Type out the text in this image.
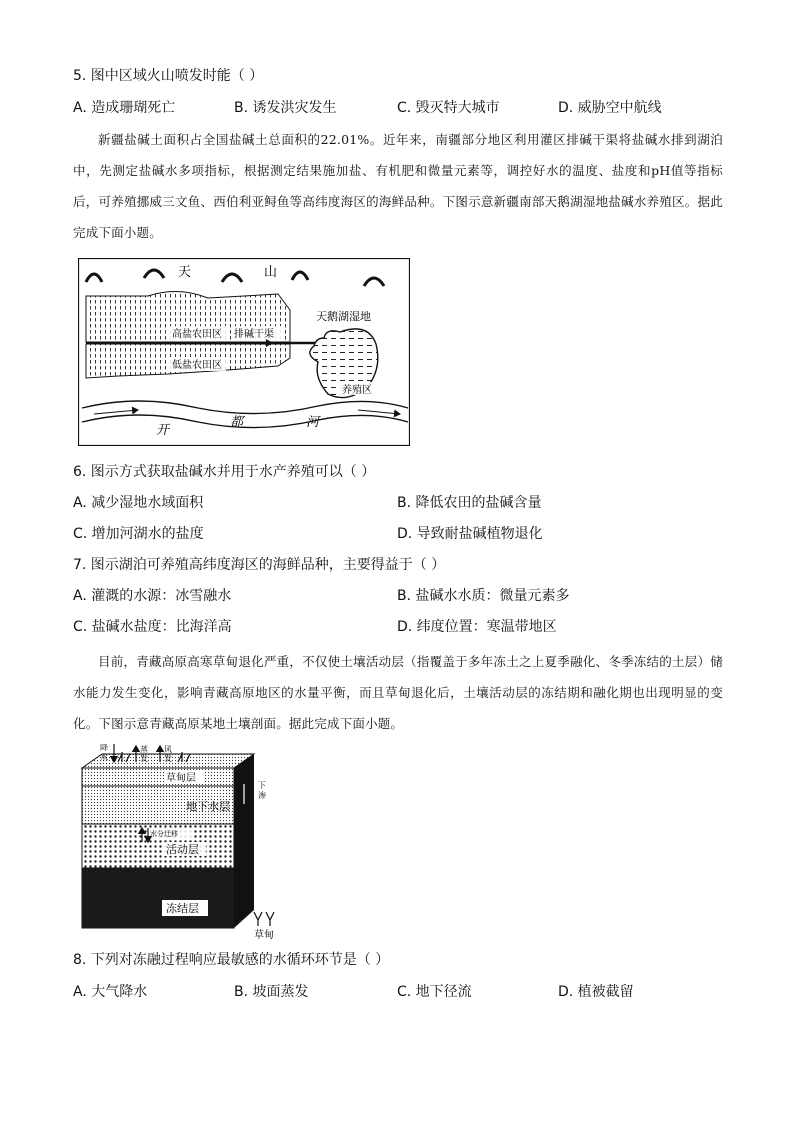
5. 图中区域火山喷发时能（ ）
A. 造成珊瑚死亡	B. 诱发洪灾发生	C. 毁灭特大城市	D. 威胁空中航线
新疆盐碱土面积占全国盐碱土总面积的22.01%。近年来，南疆部分地区利用灌区排碱干渠将盐碱水排到湖泊中，先测定盐碱水多项指标，根据测定结果施加盐、有机肥和微量元素等，调控好水的温度、盐度和pH值等指标后，可养殖挪威三文鱼、西伯利亚鲟鱼等高纬度海区的海鲜品种。下图示意新疆南部天鹅湖湿地盐碱水养殖区。据此完成下面小题。
天	山
高盐农田区
低盐农田区
排碱干渠
天鹅湖湿地
养殖区
开
都	河
6. 图示方式获取盐碱水并用于水产养殖可以（ ）
A. 减少湿地水域面积	B. 降低农田的盐碱含量
C. 增加河湖水的盐度	D. 导致耐盐碱植物退化
7. 图示湖泊可养殖高纬度海区的海鲜品种，主要得益于（ ）
A. 灌溉的水源：冰雪融水	B. 盐碱水水质：微量元素多
C. 盐碱水盐度：比海洋高	D. 纬度位置：寒温带地区
目前，青藏高原高寒草甸退化严重，不仅使土壤活动层（指覆盖于多年冻土之上夏季融化、冬季冻结的土层）储水能力发生变化，影响青藏高原地区的水量平衡，而且草甸退化后，土壤活动层的冻结期和融化期也出现明显的变化。下图示意青藏高原某地土壤剖面。据此完成下面小题。
降
水
蒸
发
风
发
草甸层
地下水层
水分迁移
活动层
冻结层
下
渗
草甸
8. 下列对冻融过程响应最敏感的水循环环节是（ ）
A. 大气降水	B. 坡面蒸发	C. 地下径流	D. 植被截留
